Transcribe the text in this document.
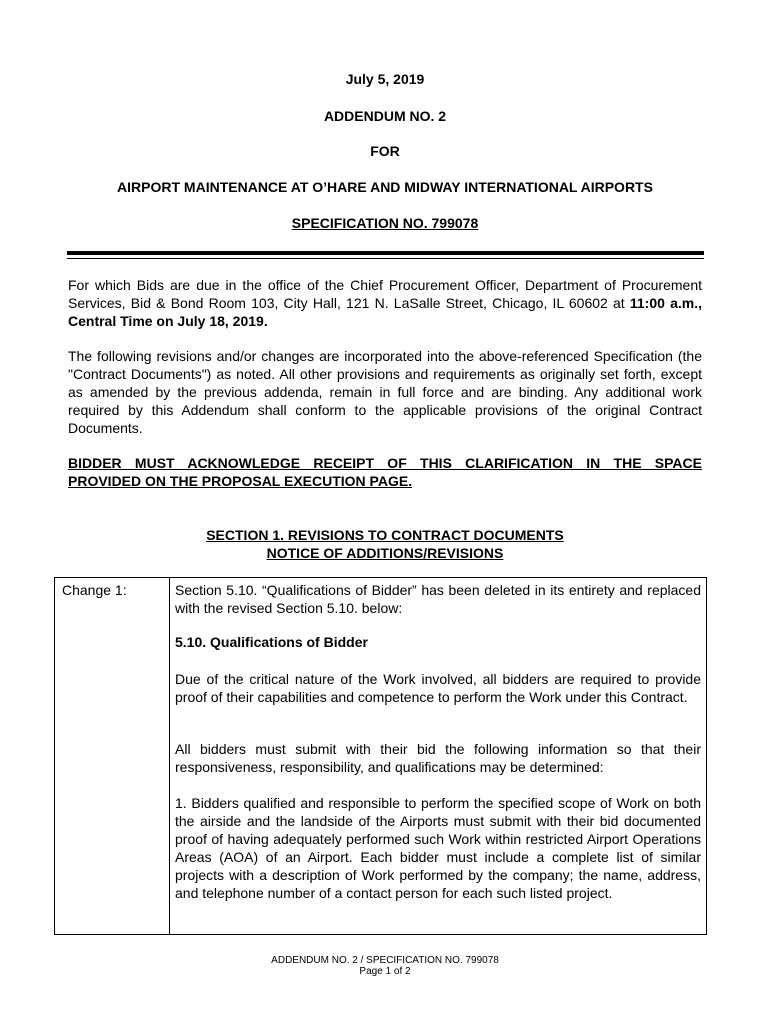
July 5, 2019
ADDENDUM NO. 2
FOR
AIRPORT MAINTENANCE AT O’HARE AND MIDWAY INTERNATIONAL AIRPORTS
SPECIFICATION NO. 799078
For which Bids are due in the office of the Chief Procurement Officer, Department of Procurement Services, Bid & Bond Room 103, City Hall, 121 N. LaSalle Street, Chicago, IL 60602 at 11:00 a.m., Central Time on July 18, 2019.
The following revisions and/or changes are incorporated into the above-referenced Specification (the "Contract Documents") as noted. All other provisions and requirements as originally set forth, except as amended by the previous addenda, remain in full force and are binding. Any additional work required by this Addendum shall conform to the applicable provisions of the original Contract Documents.
BIDDER MUST ACKNOWLEDGE RECEIPT OF THIS CLARIFICATION IN THE SPACE
PROVIDED ON THE PROPOSAL EXECUTION PAGE.
SECTION 1. REVISIONS TO CONTRACT DOCUMENTS
NOTICE OF ADDITIONS/REVISIONS
Change 1:	Section 5.10. “Qualifications of Bidder” has been deleted in its entirety and replaced with the revised Section 5.10. below:
5.10. Qualifications of Bidder
Due of the critical nature of the Work involved, all bidders are required to provide proof of their capabilities and competence to perform the Work under this Contract.
All bidders must submit with their bid the following information so that their responsiveness, responsibility, and qualifications may be determined:
1. Bidders qualified and responsible to perform the specified scope of Work on both the airside and the landside of the Airports must submit with their bid documented proof of having adequately performed such Work within restricted Airport Operations Areas (AOA) of an Airport. Each bidder must include a complete list of similar projects with a description of Work performed by the company; the name, address, and telephone number of a contact person for each such listed project.
ADDENDUM NO. 2 / SPECIFICATION NO. 799078
Page 1 of 2
